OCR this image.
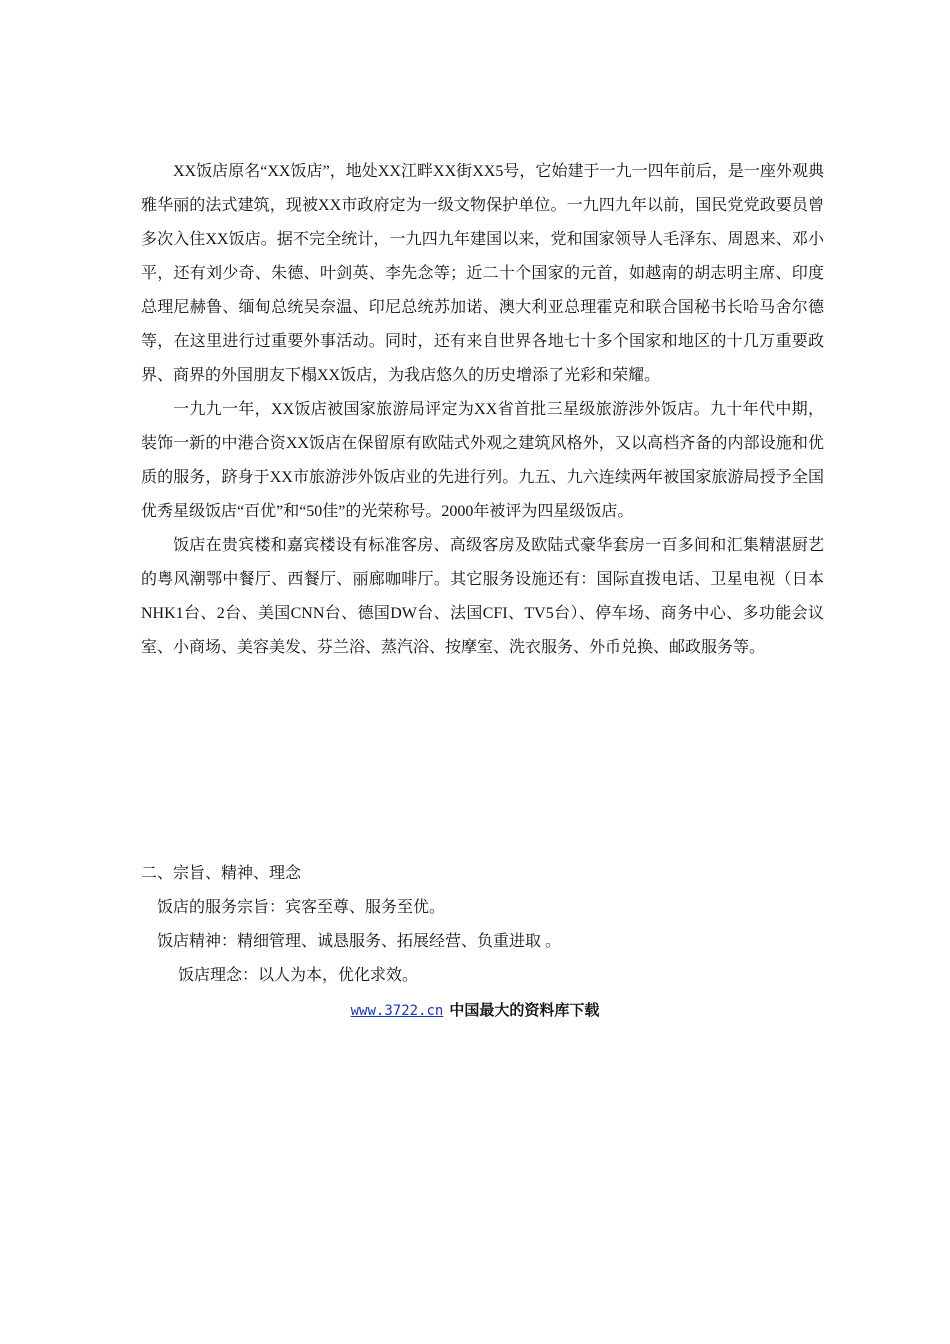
XX饭店原名“XX饭店”，地处XX江畔XX街XX5号，它始建于一九一四年前后，是一座外观典雅华丽的法式建筑，现被XX市政府定为一级文物保护单位。一九四九年以前，国民党党政要员曾多次入住XX饭店。据不完全统计，一九四九年建国以来，党和国家领导人毛泽东、周恩来、邓小平，还有刘少奇、朱德、叶剑英、李先念等；近二十个国家的元首，如越南的胡志明主席、印度总理尼赫鲁、缅甸总统吴奈温、印尼总统苏加诺、澳大利亚总理霍克和联合国秘书长哈马舍尔德等，在这里进行过重要外事活动。同时，还有来自世界各地七十多个国家和地区的十几万重要政界、商界的外国朋友下榻XX饭店，为我店悠久的历史增添了光彩和荣耀。

一九九一年，XX饭店被国家旅游局评定为XX省首批三星级旅游涉外饭店。九十年代中期，装饰一新的中港合资XX饭店在保留原有欧陆式外观之建筑风格外，又以高档齐备的内部设施和优质的服务，跻身于XX市旅游涉外饭店业的先进行列。九五、九六连续两年被国家旅游局授予全国优秀星级饭店“百优”和“50佳”的光荣称号。2000年被评为四星级饭店。

饭店在贵宾楼和嘉宾楼设有标准客房、高级客房及欧陆式豪华套房一百多间和汇集精湛厨艺的粤风潮鄂中餐厅、西餐厅、丽廊咖啡厅。其它服务设施还有：国际直拨电话、卫星电视（日本NHK1台、2台、美国CNN台、德国DW台、法国CFI、TV5台）、停车场、商务中心、多功能会议室、小商场、美容美发、芬兰浴、蒸汽浴、按摩室、洗衣服务、外币兑换、邮政服务等。

二、宗旨、精神、理念

饭店的服务宗旨：宾客至尊、服务至优。

饭店精神：精细管理、诚恳服务、拓展经营、负重进取 。

饭店理念：以人为本，优化求效。

www.3722.cn 中国最大的资料库下载
